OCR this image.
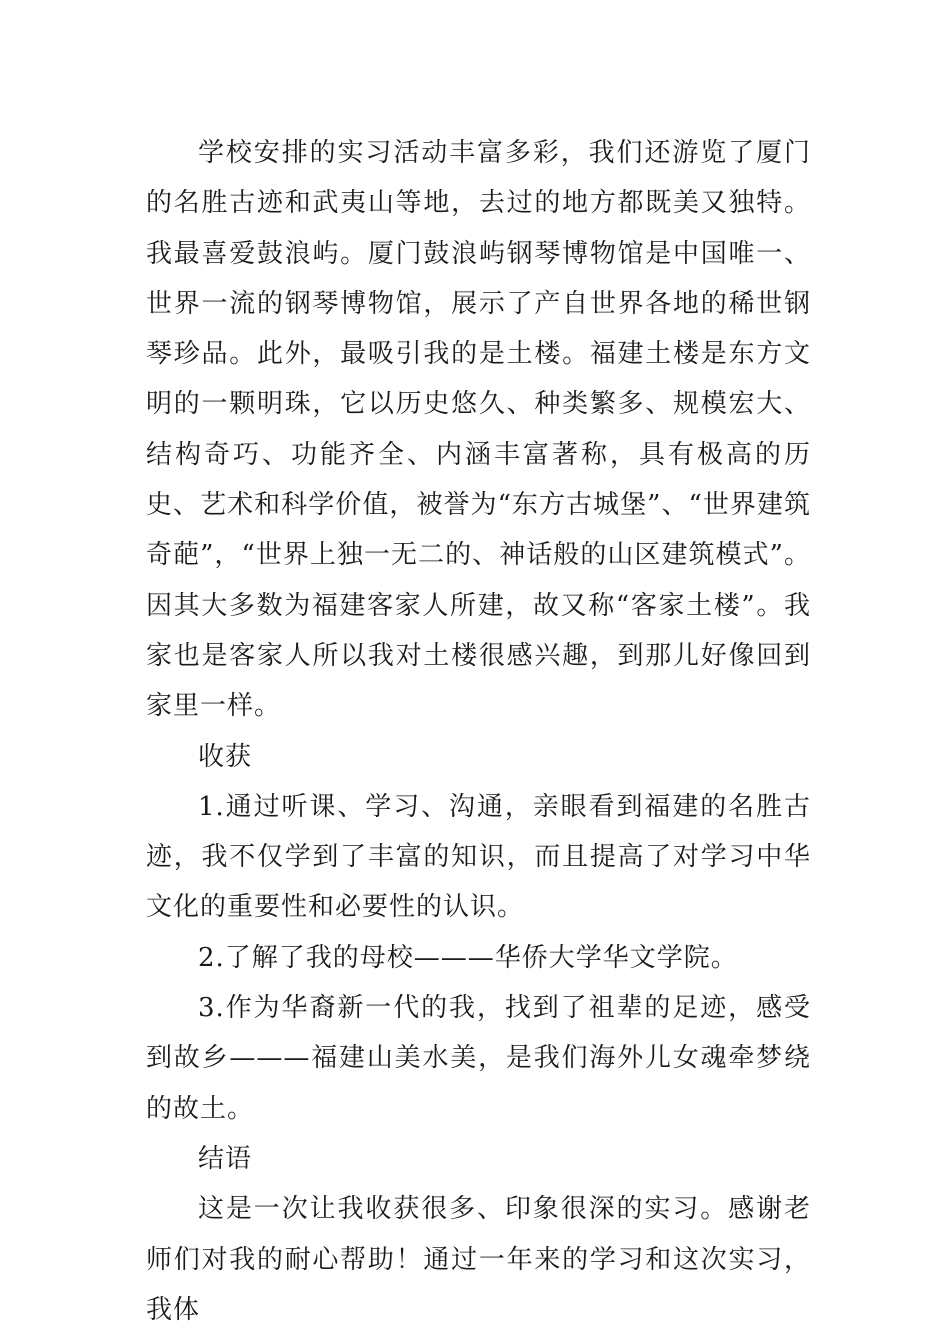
学校安排的实习活动丰富多彩，我们还游览了厦门的名胜古迹和武夷山等地，去过的地方都既美又独特。我最喜爱鼓浪屿。厦门鼓浪屿钢琴博物馆是中国唯一、世界一流的钢琴博物馆，展示了产自世界各地的稀世钢琴珍品。此外，最吸引我的是土楼。福建土楼是东方文明的一颗明珠，它以历史悠久、种类繁多、规模宏大、结构奇巧、功能齐全、内涵丰富著称，具有极高的历史、艺术和科学价值，被誉为“东方古城堡”、“世界建筑奇葩”，“世界上独一无二的、神话般的山区建筑模式”。因其大多数为福建客家人所建，故又称“客家土楼”。我家也是客家人所以我对土楼很感兴趣，到那儿好像回到家里一样。

收获

1.通过听课、学习、沟通，亲眼看到福建的名胜古迹，我不仅学到了丰富的知识，而且提高了对学习中华文化的重要性和必要性的认识。

2.了解了我的母校———华侨大学华文学院。

3.作为华裔新一代的我，找到了祖辈的足迹，感受到故乡———福建山美水美，是我们海外儿女魂牵梦绕的故土。

结语

这是一次让我收获很多、印象很深的实习。感谢老师们对我的耐心帮助！通过一年来的学习和这次实习，我体
